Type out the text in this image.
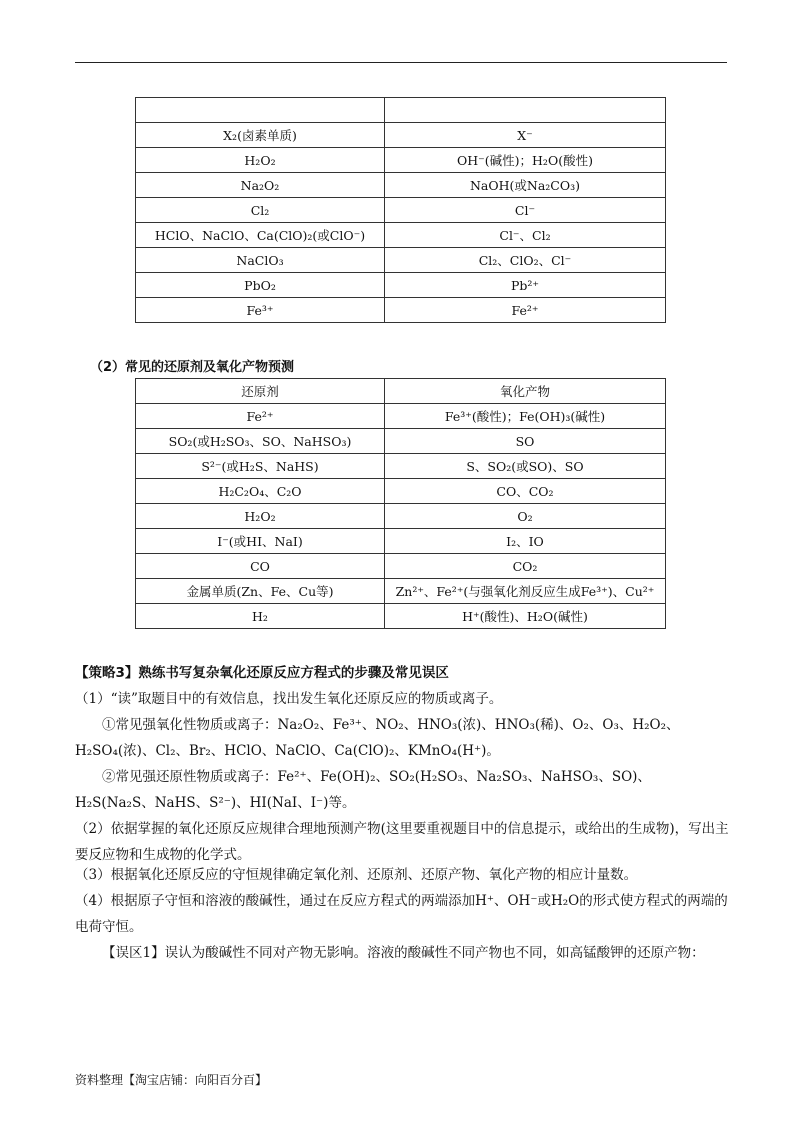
X₂(卤素单质)	X⁻
H₂O₂	OH⁻(碱性)；H₂O(酸性)
Na₂O₂	NaOH(或Na₂CO₃)
Cl₂	Cl⁻
HClO、NaClO、Ca(ClO)₂(或ClO⁻)	Cl⁻、Cl₂
NaClO₃	Cl₂、ClO₂、Cl⁻
PbO₂	Pb²⁺
Fe³⁺	Fe²⁺
（2）常见的还原剂及氧化产物预测
还原剂	氧化产物
Fe²⁺	Fe³⁺(酸性)；Fe(OH)₃(碱性)
SO₂(或H₂SO₃、SO、NaHSO₃)	SO
S²⁻(或H₂S、NaHS)	S、SO₂(或SO)、SO
H₂C₂O₄、C₂O	CO、CO₂
H₂O₂	O₂
I⁻(或HI、NaI)	I₂、IO
CO	CO₂
金属单质(Zn、Fe、Cu等)	Zn²⁺、Fe²⁺(与强氧化剂反应生成Fe³⁺)、Cu²⁺
H₂	H⁺(酸性)、H₂O(碱性)
【策略3】熟练书写复杂氧化还原反应方程式的步骤及常见误区
（1）“读”取题目中的有效信息，找出发生氧化还原反应的物质或离子。
①常见强氧化性物质或离子：Na₂O₂、Fe³⁺、NO₂、HNO₃(浓)、HNO₃(稀)、O₂、O₃、H₂O₂、H₂SO₄(浓)、Cl₂、Br₂、HClO、NaClO、Ca(ClO)₂、KMnO₄(H⁺)。
②常见强还原性物质或离子：Fe²⁺、Fe(OH)₂、SO₂(H₂SO₃、Na₂SO₃、NaHSO₃、SO)、H₂S(Na₂S、NaHS、S²⁻)、HI(NaI、I⁻)等。
（2）依据掌握的氧化还原反应规律合理地预测产物(这里要重视题目中的信息提示，或给出的生成物)，写出主要反应物和生成物的化学式。
（3）根据氧化还原反应的守恒规律确定氧化剂、还原剂、还原产物、氧化产物的相应计量数。
（4）根据原子守恒和溶液的酸碱性，通过在反应方程式的两端添加H⁺、OH⁻或H₂O的形式使方程式的两端的电荷守恒。
【误区1】误认为酸碱性不同对产物无影响。溶液的酸碱性不同产物也不同，如高锰酸钾的还原产物：
资料整理【淘宝店铺：向阳百分百】
